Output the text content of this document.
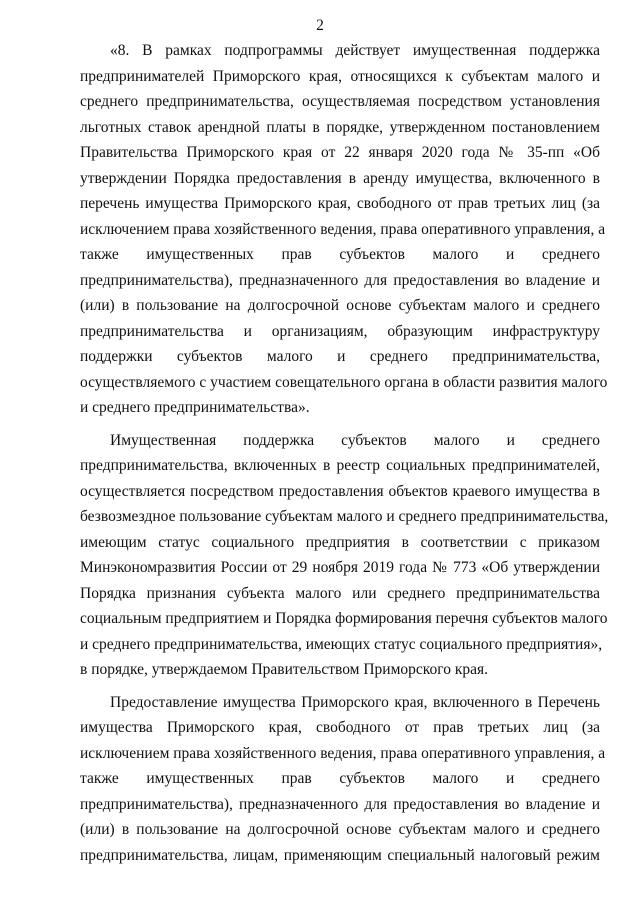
2

«8. В рамках подпрограммы действует имущественная поддержка
предпринимателей Приморского края, относящихся к субъектам малого и
среднего предпринимательства, осуществляемая посредством установления
льготных ставок арендной платы в порядке, утвержденном постановлением
Правительства Приморского края от 22 января 2020 года № 35-пп «Об
утверждении Порядка предоставления в аренду имущества, включенного в
перечень имущества Приморского края, свободного от прав третьих лиц (за
исключением права хозяйственного ведения, права оперативного управления, а
также имущественных прав субъектов малого и среднего
предпринимательства), предназначенного для предоставления во владение и
(или) в пользование на долгосрочной основе субъектам малого и среднего
предпринимательства и организациям, образующим инфраструктуру
поддержки субъектов малого и среднего предпринимательства,
осуществляемого с участием совещательного органа в области развития малого
и среднего предпринимательства».

Имущественная поддержка субъектов малого и среднего
предпринимательства, включенных в реестр социальных предпринимателей,
осуществляется посредством предоставления объектов краевого имущества в
безвозмездное пользование субъектам малого и среднего предпринимательства,
имеющим статус социального предприятия в соответствии с приказом
Минэкономразвития России от 29 ноября 2019 года № 773 «Об утверждении
Порядка признания субъекта малого или среднего предпринимательства
социальным предприятием и Порядка формирования перечня субъектов малого
и среднего предпринимательства, имеющих статус социального предприятия»,
в порядке, утверждаемом Правительством Приморского края.

Предоставление имущества Приморского края, включенного в Перечень
имущества Приморского края, свободного от прав третьих лиц (за
исключением права хозяйственного ведения, права оперативного управления, а
также имущественных прав субъектов малого и среднего
предпринимательства), предназначенного для предоставления во владение и
(или) в пользование на долгосрочной основе субъектам малого и среднего
предпринимательства, лицам, применяющим специальный налоговый режим
